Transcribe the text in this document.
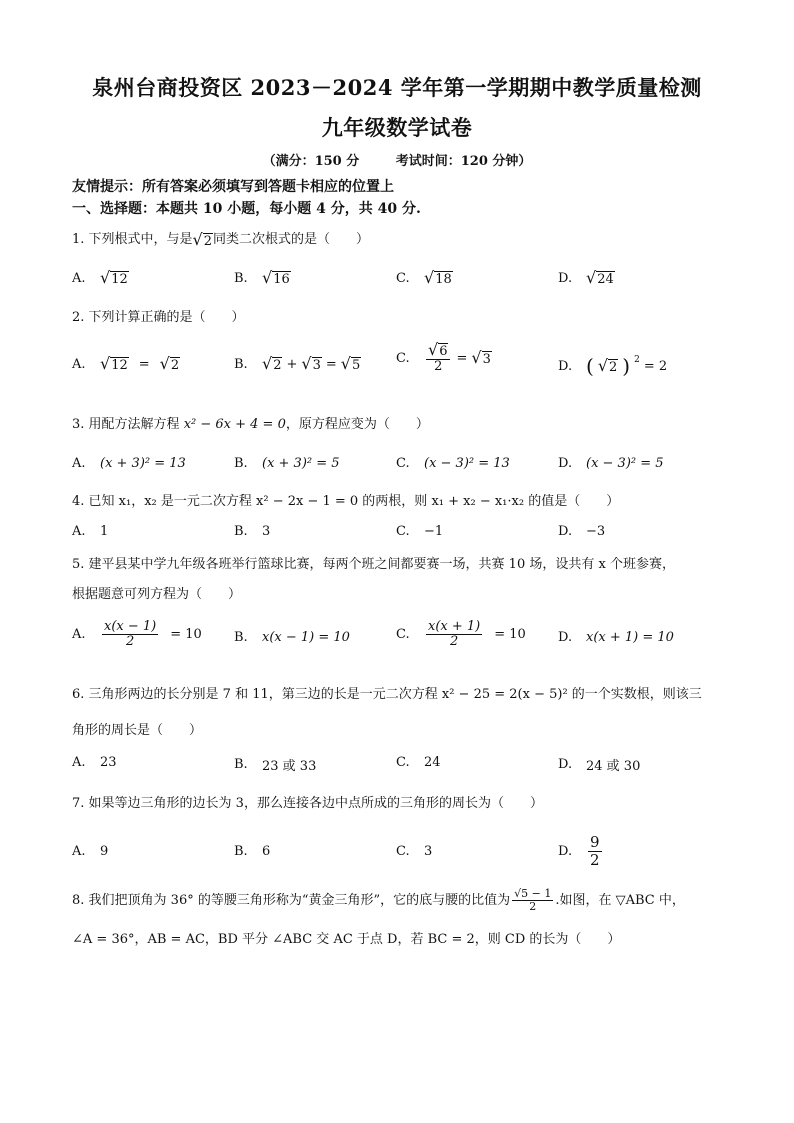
泉州台商投资区 2023－2024 学年第一学期期中教学质量检测
九年级数学试卷
（满分：150 分	考试时间：120 分钟）
友情提示：所有答案必须填写到答题卡相应的位置上
一、选择题：本题共 10 小题，每小题 4 分，共 40 分.
1. 下列根式中，与是 √ 2 同类二次根式的是（　　）
A. √ 12	B. √ 16	C. √ 18	D. √ 24
2. 下列计算正确的是（　　）
A. √ 12 = √ 2	B. √ 2 + √ 3 = √ 5	C. $\frac{√ 6}{2}$ = √ 3	D. ( √ 2 ) $^2$ = 2
3. 用配方法解方程 x² − 6x + 4 = 0，原方程应变为（　　）
A.	(x + 3)² = 13	B.	(x + 3)² = 5	C.	(x − 3)² = 13	D.	(x − 3)² = 5
4. 已知 x₁，x₂ 是一元二次方程 x² − 2x − 1 = 0 的两根，则 x₁ + x₂ − x₁·x₂ 的值是（　　）
A.	1	B.	3	C.	−1	D.	−3
5. 建平县某中学九年级各班举行篮球比赛，每两个班之间都要赛一场，共赛 10 场，设共有 x 个班参赛，
根据题意可列方程为（　　）
A.	$\frac{x(x - 1)}{2} = 10$ B.	x(x − 1) = 10	C.	$\frac{x(x + 1)}{2} = 10$ D.	x(x + 1) = 10
6. 三角形两边的长分别是 7 和 11，第三边的长是一元二次方程 x² − 25 = 2(x − 5)² 的一个实数根，则该三
角形的周长是（　　）
A.	23	B.	23 或 33	C.	24	D.	24 或 30
7. 如果等边三角形的边长为 3，那么连接各边中点所成的三角形的周长为（　　）
A.	9	B.	6	C.	3	D. $\frac{9}{2}$
8. 我们把顶角为 36° 的等腰三角形称为“黄金三角形”，它的底与腰的比值为 $\frac{√5 - 1}{2}$ .如图，在 ▽ABC 中，
∠A = 36°，AB = AC，BD 平分 ∠ABC 交 AC 于点 D，若 BC = 2，则 CD 的长为（　　）
